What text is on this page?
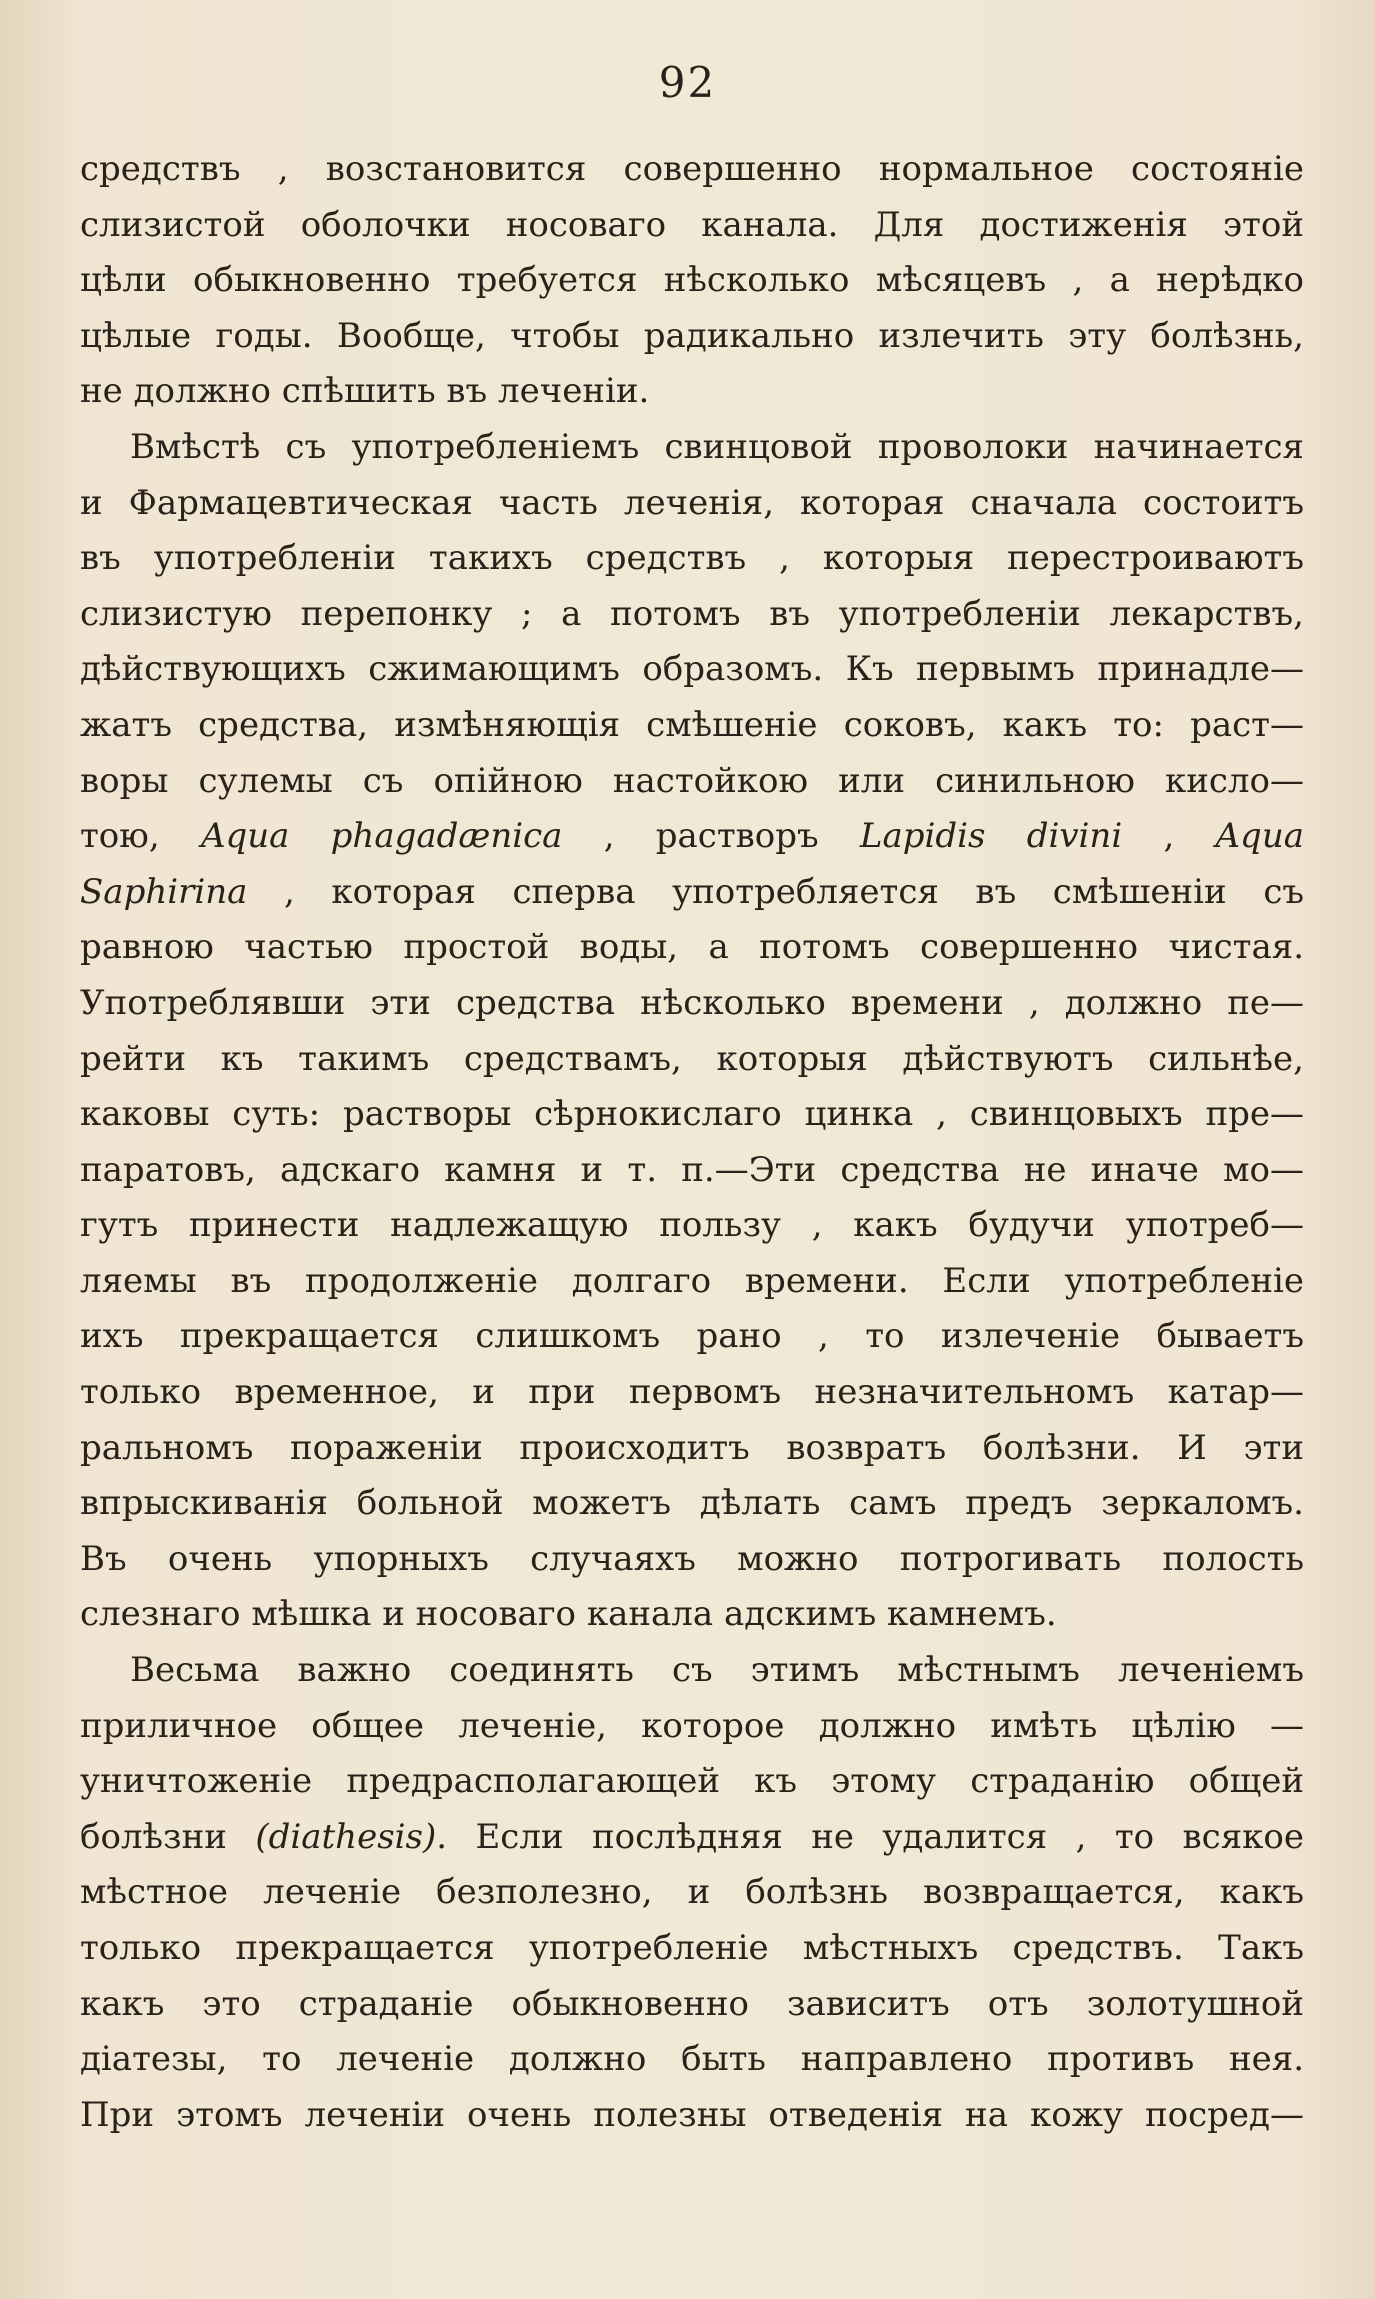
92
средствъ , возстановится совершенно нормальное состояніе
слизистой оболочки носоваго канала. Для достиженія этой
цѣли обыкновенно требуется нѣсколько мѣсяцевъ , а нерѣдко
цѣлые годы. Вообще, чтобы радикально излечить эту болѣзнь,
не должно спѣшить въ леченіи.
Вмѣстѣ съ употребленіемъ свинцовой проволоки начинается
и Фармацевтическая часть леченія, которая сначала состоитъ
въ употребленіи такихъ средствъ , которыя перестроиваютъ
слизистую перепонку ; а потомъ въ употребленіи лекарствъ,
дѣйствующихъ сжимающимъ образомъ. Къ первымъ принадле—
жатъ средства, измѣняющія смѣшеніе соковъ, какъ то: раст—
воры сулемы съ опійною настойкою или синильною кисло—
тою, Aqua phagadænica , растворъ Lapidis divini , Aqua
Saphirina , которая сперва употребляется въ смѣшеніи съ
равною частью простой воды, а потомъ совершенно чистая.
Употреблявши эти средства нѣсколько времени , должно пе—
рейти къ такимъ средствамъ, которыя дѣйствуютъ сильнѣе,
каковы суть: растворы сѣрнокислаго цинка , свинцовыхъ пре—
паратовъ, адскаго камня и т. п.—Эти средства не иначе мо—
гутъ принести надлежащую пользу , какъ будучи употреб—
ляемы въ продолженіе долгаго времени. Если употребленіе
ихъ прекращается слишкомъ рано , то излеченіе бываетъ
только временное, и при первомъ незначительномъ катар—
ральномъ пораженіи происходитъ возвратъ болѣзни. И эти
впрыскиванія больной можетъ дѣлать самъ предъ зеркаломъ.
Въ очень упорныхъ случаяхъ можно потрогивать полость
слезнаго мѣшка и носоваго канала адскимъ камнемъ.
Весьма важно соединять съ этимъ мѣстнымъ леченіемъ
приличное общее леченіе, которое должно имѣть цѣлію —
уничтоженіе предрасполагающей къ этому страданію общей
болѣзни (diathesis). Если послѣдняя не удалится , то всякое
мѣстное леченіе безполезно, и болѣзнь возвращается, какъ
только прекращается употребленіе мѣстныхъ средствъ. Такъ
какъ это страданіе обыкновенно зависитъ отъ золотушной
діатезы, то леченіе должно быть направлено противъ нея.
При этомъ леченіи очень полезны отведенія на кожу посред—
